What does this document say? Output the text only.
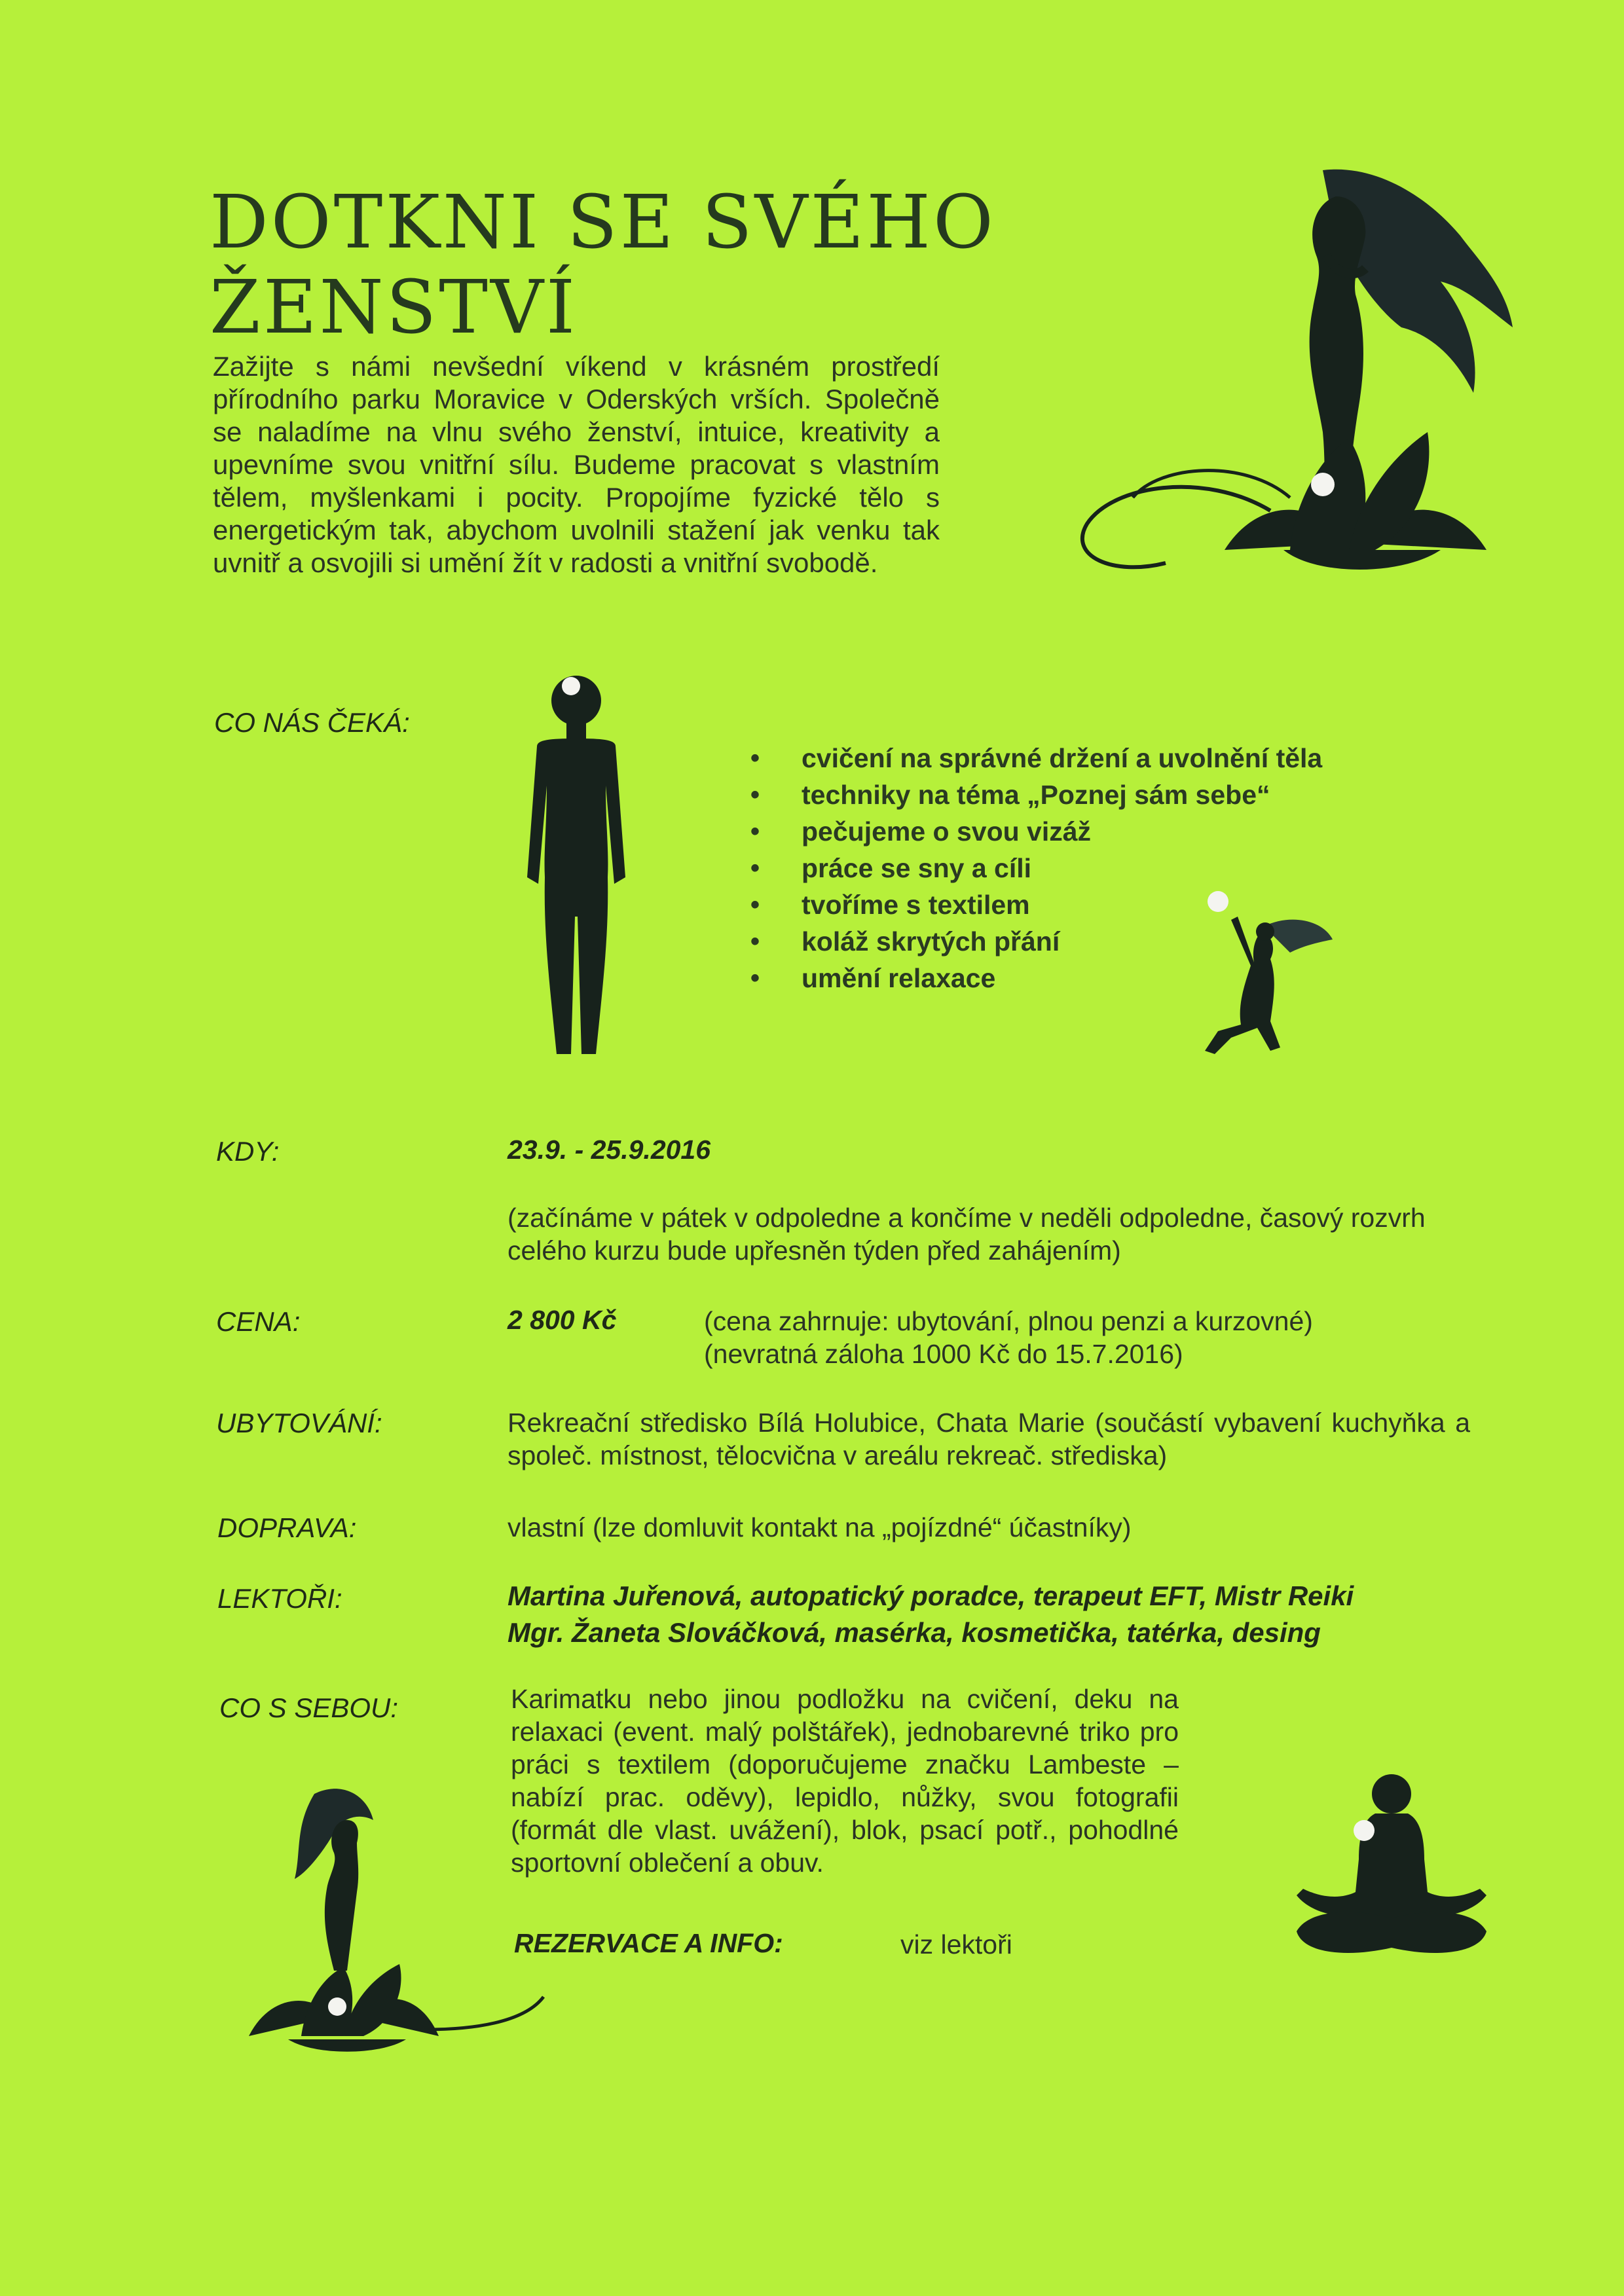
DOTKNI SE SVÉHO ŽENSTVÍ
Zažijte s námi nevšední víkend v krásném prostředí přírodního parku Moravice v Oderských vrších. Společně se naladíme na vlnu svého ženství, intuice, kreativity a upevníme svou vnitřní sílu. Budeme pracovat s vlastním tělem, myšlenkami i pocity. Propojíme fyzické tělo s energetickým tak, abychom uvolnili stažení jak venku tak uvnitř a osvojili si umění žít v radosti a vnitřní svobodě.
CO NÁS ČEKÁ:
• cvičení na správné držení a uvolnění těla
• techniky na téma „Poznej sám sebe“
• pečujeme o svou vizáž
• práce se sny a cíli
• tvoříme s textilem
• koláž skrytých přání
• umění relaxace
KDY:	23.9. - 25.9.2016
(začínáme v pátek v odpoledne a končíme v neděli odpoledne, časový rozvrh celého kurzu bude upřesněn týden před zahájením)
CENA:	2 800 Kč	(cena zahrnuje: ubytování, plnou penzi a kurzovné)
(nevratná záloha 1000 Kč do 15.7.2016)
UBYTOVÁNÍ:	Rekreační středisko Bílá Holubice, Chata Marie (součástí vybavení kuchyňka a společ. místnost, tělocvična v areálu rekreač. střediska)
DOPRAVA:	vlastní (lze domluvit kontakt na „pojízdné“ účastníky)
LEKTOŘI:	Martina Juřenová, autopatický poradce, terapeut EFT, Mistr Reiki
Mgr. Žaneta Slováčková, masérka, kosmetička, tatérka, desing
CO S SEBOU:	Karimatku nebo jinou podložku na cvičení, deku na relaxaci (event. malý polštářek), jednobarevné triko pro práci s textilem (doporučujeme značku Lambeste – nabízí prac. oděvy), lepidlo, nůžky, svou fotografii (formát dle vlast. uvážení), blok, psací potř., pohodlné sportovní oblečení a obuv.
REZERVACE A INFO:	viz lektoři
